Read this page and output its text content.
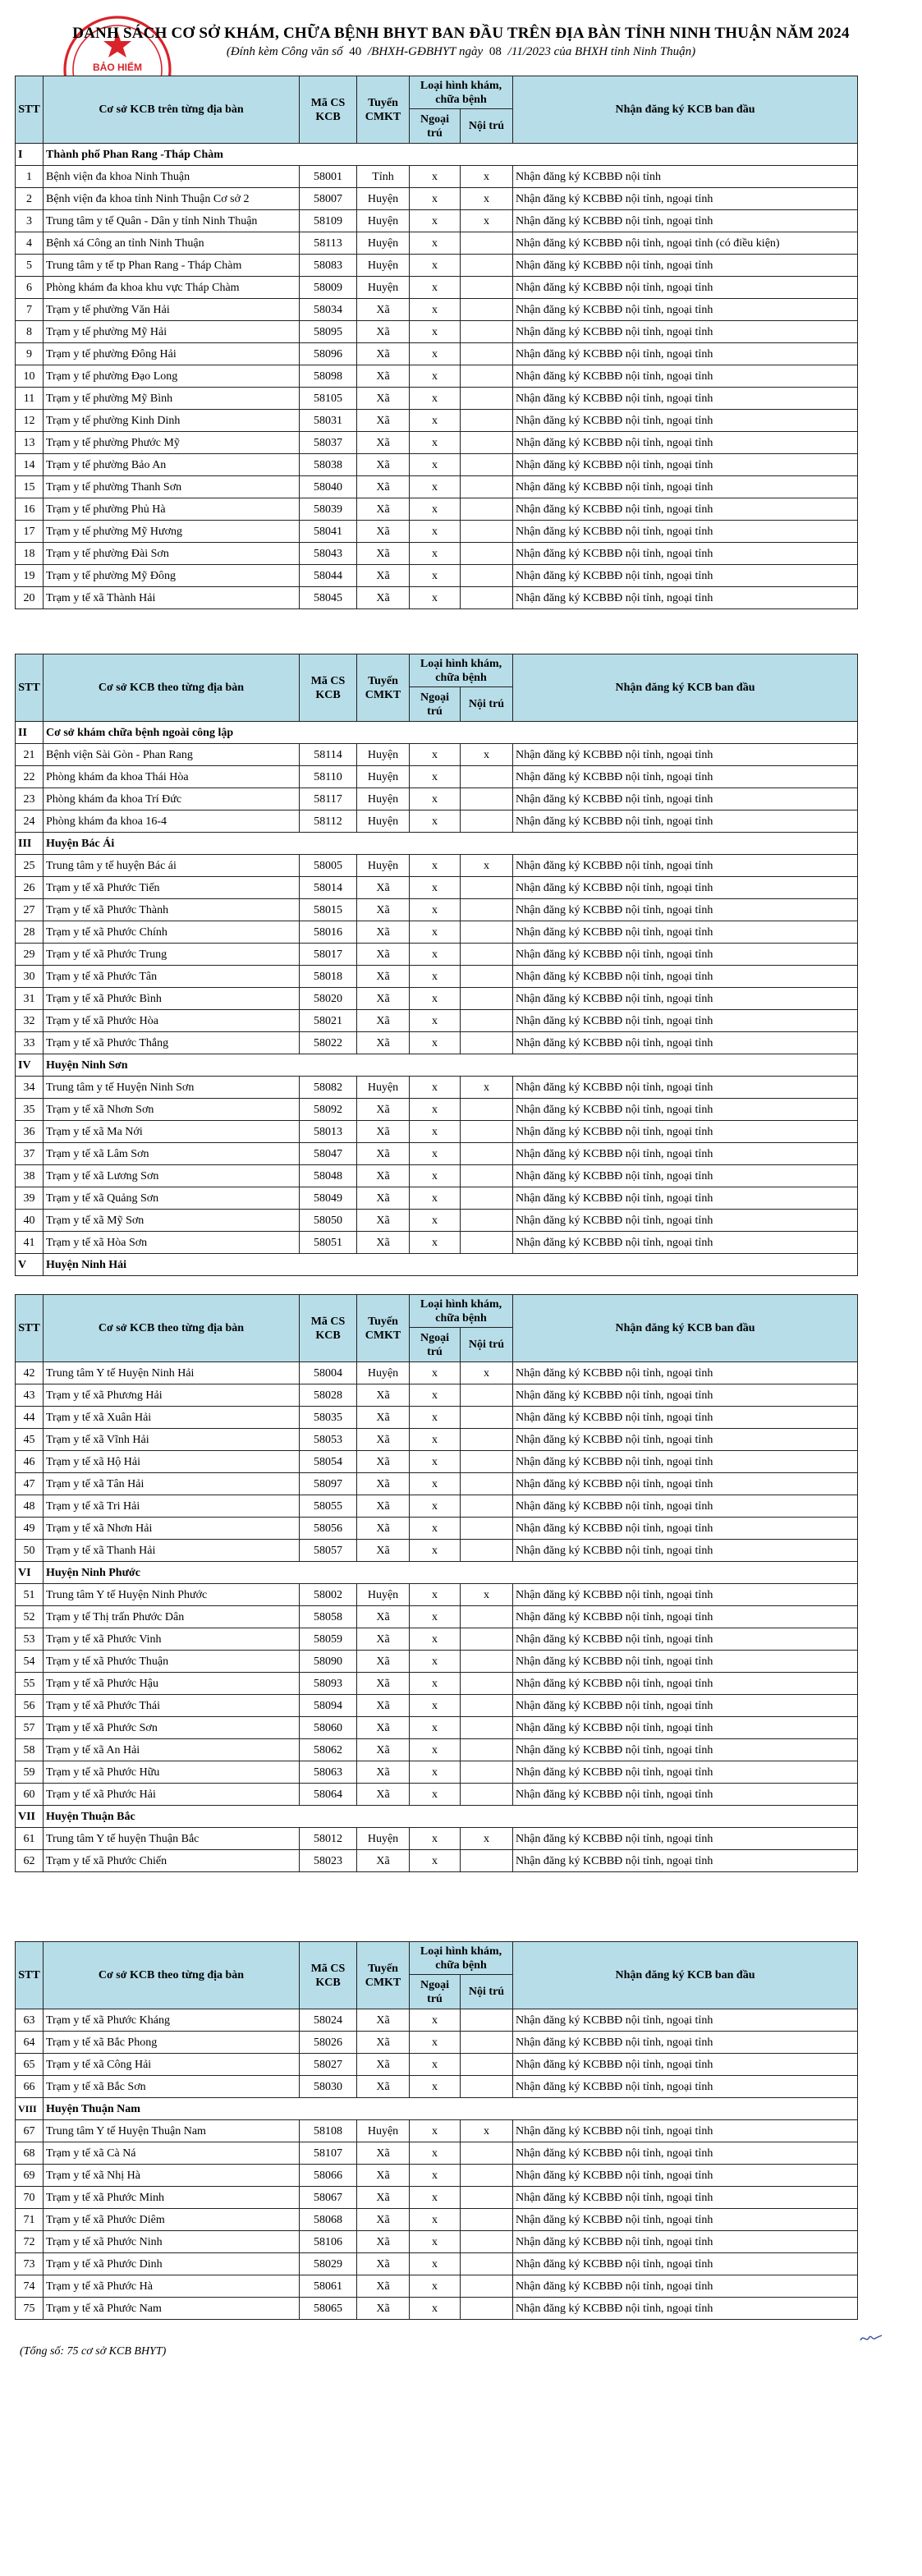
BẢO HIỂM
DANH SÁCH CƠ SỞ KHÁM, CHỮA BỆNH BHYT BAN ĐẦU TRÊN ĐỊA BÀN TỈNH NINH THUẬN NĂM 2024
(Đính kèm Công văn số 40 /BHXH-GĐBHYT ngày 08 /11/2023 của BHXH tỉnh Ninh Thuận)
STT	Cơ sở KCB trên từng địa bàn	Mã CS KCB	Tuyến CMKT	Loại hình khám, chữa bệnh		Nhận đăng ký KCB ban đầu
				Ngoại trú	Nội trú	
I	Thành phố Phan Rang -Tháp Chàm					
1	Bệnh viện đa khoa Ninh Thuận	58001	Tỉnh	x	x	Nhận đăng ký KCBBĐ nội tỉnh
2	Bệnh viện đa khoa tỉnh Ninh Thuận Cơ sở 2	58007	Huyện	x	x	Nhận đăng ký KCBBĐ nội tỉnh, ngoại tỉnh
3	Trung tâm y tế Quân - Dân y tỉnh Ninh Thuận	58109	Huyện	x	x	Nhận đăng ký KCBBĐ nội tỉnh, ngoại tỉnh
4	Bệnh xá Công an tỉnh Ninh Thuận	58113	Huyện	x		Nhận đăng ký KCBBĐ nội tỉnh, ngoại tỉnh (có điều kiện)
5	Trung tâm y tế tp Phan Rang - Tháp Chàm	58083	Huyện	x		Nhận đăng ký KCBBĐ nội tỉnh, ngoại tỉnh
6	Phòng khám đa khoa khu vực Tháp Chàm	58009	Huyện	x		Nhận đăng ký KCBBĐ nội tỉnh, ngoại tỉnh
7	Trạm y tế phường Văn Hải	58034	Xã	x		Nhận đăng ký KCBBĐ nội tỉnh, ngoại tỉnh
8	Trạm y tế phường Mỹ Hải	58095	Xã	x		Nhận đăng ký KCBBĐ nội tỉnh, ngoại tỉnh
9	Trạm y tế phường Đông Hải	58096	Xã	x		Nhận đăng ký KCBBĐ nội tỉnh, ngoại tỉnh
10	Trạm y tế phường Đạo Long	58098	Xã	x		Nhận đăng ký KCBBĐ nội tỉnh, ngoại tỉnh
11	Trạm y tế phường Mỹ Bình	58105	Xã	x		Nhận đăng ký KCBBĐ nội tỉnh, ngoại tỉnh
12	Trạm y tế phường Kinh Dinh	58031	Xã	x		Nhận đăng ký KCBBĐ nội tỉnh, ngoại tỉnh
13	Trạm y tế phường Phước Mỹ	58037	Xã	x		Nhận đăng ký KCBBĐ nội tỉnh, ngoại tỉnh
14	Trạm y tế phường Bảo An	58038	Xã	x		Nhận đăng ký KCBBĐ nội tỉnh, ngoại tỉnh
15	Trạm y tế phường Thanh Sơn	58040	Xã	x		Nhận đăng ký KCBBĐ nội tỉnh, ngoại tỉnh
16	Trạm y tế phường Phủ Hà	58039	Xã	x		Nhận đăng ký KCBBĐ nội tỉnh, ngoại tỉnh
17	Trạm y tế phường Mỹ Hương	58041	Xã	x		Nhận đăng ký KCBBĐ nội tỉnh, ngoại tỉnh
18	Trạm y tế phường Đài Sơn	58043	Xã	x		Nhận đăng ký KCBBĐ nội tỉnh, ngoại tỉnh
19	Trạm y tế phường Mỹ Đông	58044	Xã	x		Nhận đăng ký KCBBĐ nội tỉnh, ngoại tỉnh
20	Trạm y tế xã Thành Hải	58045	Xã	x		Nhận đăng ký KCBBĐ nội tỉnh, ngoại tỉnh
STT	Cơ sở KCB theo từng địa bàn	Mã CS KCB	Tuyến CMKT	Loại hình khám, chữa bệnh		Nhận đăng ký KCB ban đầu
				Ngoại trú	Nội trú	
II	Cơ sở khám chữa bệnh ngoài công lập					
21	Bệnh viện Sài Gòn - Phan Rang	58114	Huyện	x	x	Nhận đăng ký KCBBĐ nội tỉnh, ngoại tỉnh
22	Phòng khám đa khoa Thái Hòa	58110	Huyện	x		Nhận đăng ký KCBBĐ nội tỉnh, ngoại tỉnh
23	Phòng khám đa khoa Trí Đức	58117	Huyện	x		Nhận đăng ký KCBBĐ nội tỉnh, ngoại tỉnh
24	Phòng khám đa khoa 16-4	58112	Huyện	x		Nhận đăng ký KCBBĐ nội tỉnh, ngoại tỉnh
III	Huyện Bác Ái					
25	Trung tâm y tế huyện Bác ái	58005	Huyện	x	x	Nhận đăng ký KCBBĐ nội tỉnh, ngoại tỉnh
26	Trạm y tế xã Phước Tiến	58014	Xã	x		Nhận đăng ký KCBBĐ nội tỉnh, ngoại tỉnh
27	Trạm y tế xã Phước Thành	58015	Xã	x		Nhận đăng ký KCBBĐ nội tỉnh, ngoại tỉnh
28	Trạm y tế xã Phước Chính	58016	Xã	x		Nhận đăng ký KCBBĐ nội tỉnh, ngoại tỉnh
29	Trạm y tế xã Phước Trung	58017	Xã	x		Nhận đăng ký KCBBĐ nội tỉnh, ngoại tỉnh
30	Trạm y tế xã Phước Tân	58018	Xã	x		Nhận đăng ký KCBBĐ nội tỉnh, ngoại tỉnh
31	Trạm y tế xã Phước Bình	58020	Xã	x		Nhận đăng ký KCBBĐ nội tỉnh, ngoại tỉnh
32	Trạm y tế xã Phước Hòa	58021	Xã	x		Nhận đăng ký KCBBĐ nội tỉnh, ngoại tỉnh
33	Trạm y tế xã Phước Thắng	58022	Xã	x		Nhận đăng ký KCBBĐ nội tỉnh, ngoại tỉnh
IV	Huyện Ninh Sơn					
34	Trung tâm y tế Huyện Ninh Sơn	58082	Huyện	x	x	Nhận đăng ký KCBBĐ nội tỉnh, ngoại tỉnh
35	Trạm y tế xã Nhơn Sơn	58092	Xã	x		Nhận đăng ký KCBBĐ nội tỉnh, ngoại tỉnh
36	Trạm y tế xã Ma Nới	58013	Xã	x		Nhận đăng ký KCBBĐ nội tỉnh, ngoại tỉnh
37	Trạm y tế xã Lâm Sơn	58047	Xã	x		Nhận đăng ký KCBBĐ nội tỉnh, ngoại tỉnh
38	Trạm y tế xã Lương Sơn	58048	Xã	x		Nhận đăng ký KCBBĐ nội tỉnh, ngoại tỉnh
39	Trạm y tế xã Quảng Sơn	58049	Xã	x		Nhận đăng ký KCBBĐ nội tỉnh, ngoại tỉnh
40	Trạm y tế xã Mỹ Sơn	58050	Xã	x		Nhận đăng ký KCBBĐ nội tỉnh, ngoại tỉnh
41	Trạm y tế xã Hòa Sơn	58051	Xã	x		Nhận đăng ký KCBBĐ nội tỉnh, ngoại tỉnh
V	Huyện Ninh Hải					
STT	Cơ sở KCB theo từng địa bàn	Mã CS KCB	Tuyến CMKT	Loại hình khám, chữa bệnh		Nhận đăng ký KCB ban đầu
				Ngoại trú	Nội trú	
42	Trung tâm Y tế Huyện Ninh Hải	58004	Huyện	x	x	Nhận đăng ký KCBBĐ nội tỉnh, ngoại tỉnh
43	Trạm y tế xã Phương Hải	58028	Xã	x		Nhận đăng ký KCBBĐ nội tỉnh, ngoại tỉnh
44	Trạm y tế xã Xuân Hải	58035	Xã	x		Nhận đăng ký KCBBĐ nội tỉnh, ngoại tỉnh
45	Trạm y tế xã Vĩnh Hải	58053	Xã	x		Nhận đăng ký KCBBĐ nội tỉnh, ngoại tỉnh
46	Trạm y tế xã Hộ Hải	58054	Xã	x		Nhận đăng ký KCBBĐ nội tỉnh, ngoại tỉnh
47	Trạm y tế xã Tân Hải	58097	Xã	x		Nhận đăng ký KCBBĐ nội tỉnh, ngoại tỉnh
48	Trạm y tế xã Tri Hải	58055	Xã	x		Nhận đăng ký KCBBĐ nội tỉnh, ngoại tỉnh
49	Trạm y tế xã Nhơn Hải	58056	Xã	x		Nhận đăng ký KCBBĐ nội tỉnh, ngoại tỉnh
50	Trạm y tế xã Thanh Hải	58057	Xã	x		Nhận đăng ký KCBBĐ nội tỉnh, ngoại tỉnh
VI	Huyện Ninh Phước					
51	Trung tâm Y tế Huyện Ninh Phước	58002	Huyện	x	x	Nhận đăng ký KCBBĐ nội tỉnh, ngoại tỉnh
52	Trạm y tế Thị trấn Phước Dân	58058	Xã	x		Nhận đăng ký KCBBĐ nội tỉnh, ngoại tỉnh
53	Trạm y tế xã Phước Vinh	58059	Xã	x		Nhận đăng ký KCBBĐ nội tỉnh, ngoại tỉnh
54	Trạm y tế xã Phước Thuận	58090	Xã	x		Nhận đăng ký KCBBĐ nội tỉnh, ngoại tỉnh
55	Trạm y tế xã Phước Hậu	58093	Xã	x		Nhận đăng ký KCBBĐ nội tỉnh, ngoại tỉnh
56	Trạm y tế xã Phước Thái	58094	Xã	x		Nhận đăng ký KCBBĐ nội tỉnh, ngoại tỉnh
57	Trạm y tế xã Phước Sơn	58060	Xã	x		Nhận đăng ký KCBBĐ nội tỉnh, ngoại tỉnh
58	Trạm y tế xã An Hải	58062	Xã	x		Nhận đăng ký KCBBĐ nội tỉnh, ngoại tỉnh
59	Trạm y tế xã Phước Hữu	58063	Xã	x		Nhận đăng ký KCBBĐ nội tỉnh, ngoại tỉnh
60	Trạm y tế xã Phước Hải	58064	Xã	x		Nhận đăng ký KCBBĐ nội tỉnh, ngoại tỉnh
VII	Huyện Thuận Bắc					
61	Trung tâm Y tế huyện Thuận Bắc	58012	Huyện	x	x	Nhận đăng ký KCBBĐ nội tỉnh, ngoại tỉnh
62	Trạm y tế xã Phước Chiến	58023	Xã	x		Nhận đăng ký KCBBĐ nội tỉnh, ngoại tỉnh
STT	Cơ sở KCB theo từng địa bàn	Mã CS KCB	Tuyến CMKT	Loại hình khám, chữa bệnh		Nhận đăng ký KCB ban đầu
				Ngoại trú	Nội trú	
63	Trạm y tế xã Phước Kháng	58024	Xã	x		Nhận đăng ký KCBBĐ nội tỉnh, ngoại tỉnh
64	Trạm y tế xã Bắc Phong	58026	Xã	x		Nhận đăng ký KCBBĐ nội tỉnh, ngoại tỉnh
65	Trạm y tế xã Công Hải	58027	Xã	x		Nhận đăng ký KCBBĐ nội tỉnh, ngoại tỉnh
66	Trạm y tế xã Bắc Sơn	58030	Xã	x		Nhận đăng ký KCBBĐ nội tỉnh, ngoại tỉnh
VIII	Huyện Thuận Nam					
67	Trung tâm Y tế Huyện Thuận Nam	58108	Huyện	x	x	Nhận đăng ký KCBBĐ nội tỉnh, ngoại tỉnh
68	Trạm y tế xã Cà Ná	58107	Xã	x		Nhận đăng ký KCBBĐ nội tỉnh, ngoại tỉnh
69	Trạm y tế xã Nhị Hà	58066	Xã	x		Nhận đăng ký KCBBĐ nội tỉnh, ngoại tỉnh
70	Trạm y tế xã Phước Minh	58067	Xã	x		Nhận đăng ký KCBBĐ nội tỉnh, ngoại tỉnh
71	Trạm y tế xã Phước Diêm	58068	Xã	x		Nhận đăng ký KCBBĐ nội tỉnh, ngoại tỉnh
72	Trạm y tế xã Phước Ninh	58106	Xã	x		Nhận đăng ký KCBBĐ nội tỉnh, ngoại tỉnh
73	Trạm y tế xã Phước Dinh	58029	Xã	x		Nhận đăng ký KCBBĐ nội tỉnh, ngoại tỉnh
74	Trạm y tế xã Phước Hà	58061	Xã	x		Nhận đăng ký KCBBĐ nội tỉnh, ngoại tỉnh
75	Trạm y tế xã Phước Nam	58065	Xã	x		Nhận đăng ký KCBBĐ nội tỉnh, ngoại tỉnh
(Tổng số: 75 cơ sở KCB BHYT)
